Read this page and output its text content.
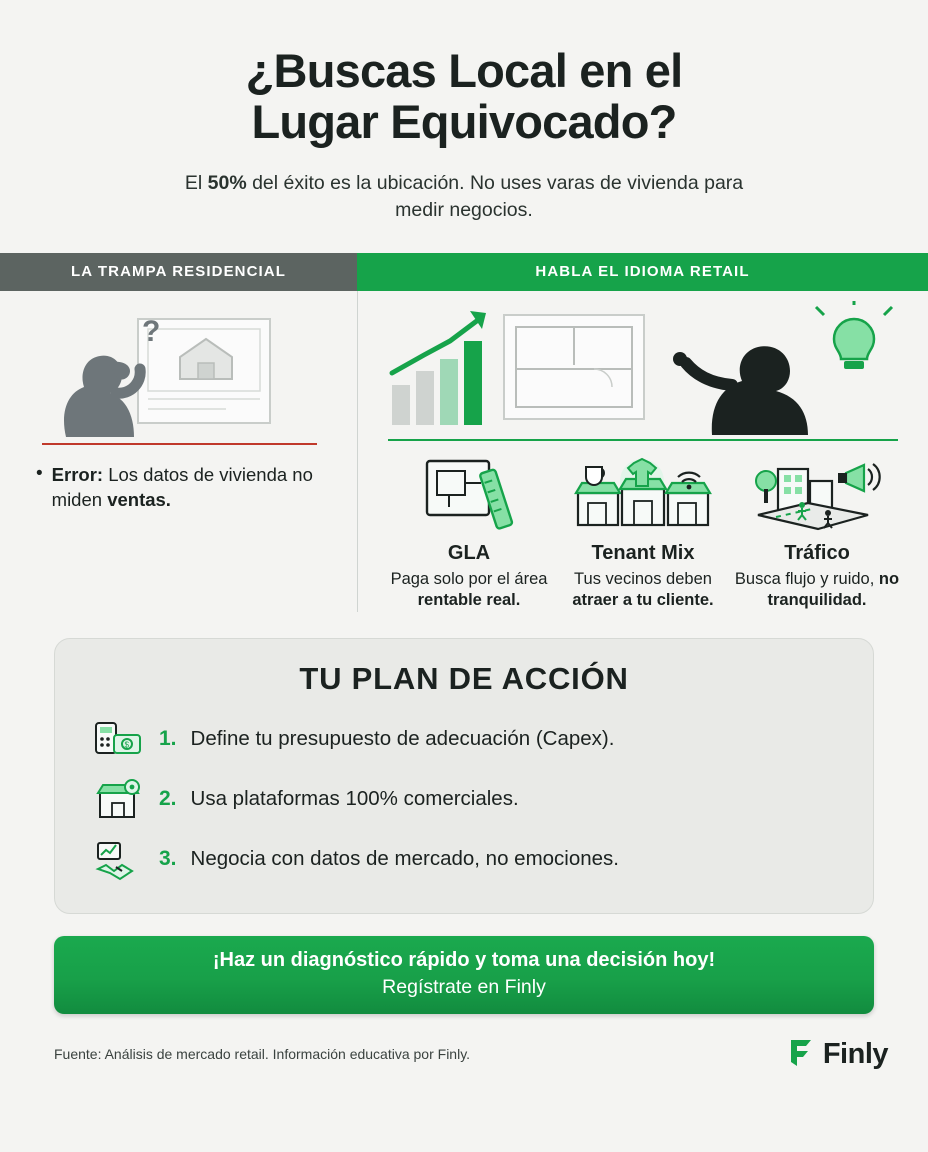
¿Buscas Local en el
Lugar Equivocado?

El 50% del éxito es la ubicación. No uses varas de vivienda para medir negocios.

LA TRAMPA RESIDENCIAL	HABLA EL IDIOMA RETAIL
?
• Error: Los datos de vivienda no miden ventas.
GLA
Paga solo por el área rentable real.
Tenant Mix
Tus vecinos deben atraer a tu cliente.
Tráfico
Busca flujo y ruido, no tranquilidad.
TU PLAN DE ACCIÓN
$ 1. Define tu presupuesto de adecuación (Capex).
2. Usa plataformas 100% comerciales.
3. Negocia con datos de mercado, no emociones.
¡Haz un diagnóstico rápido y toma una decisión hoy!
Regístrate en Finly
Fuente: Análisis de mercado retail. Información educativa por Finly.	Finly
